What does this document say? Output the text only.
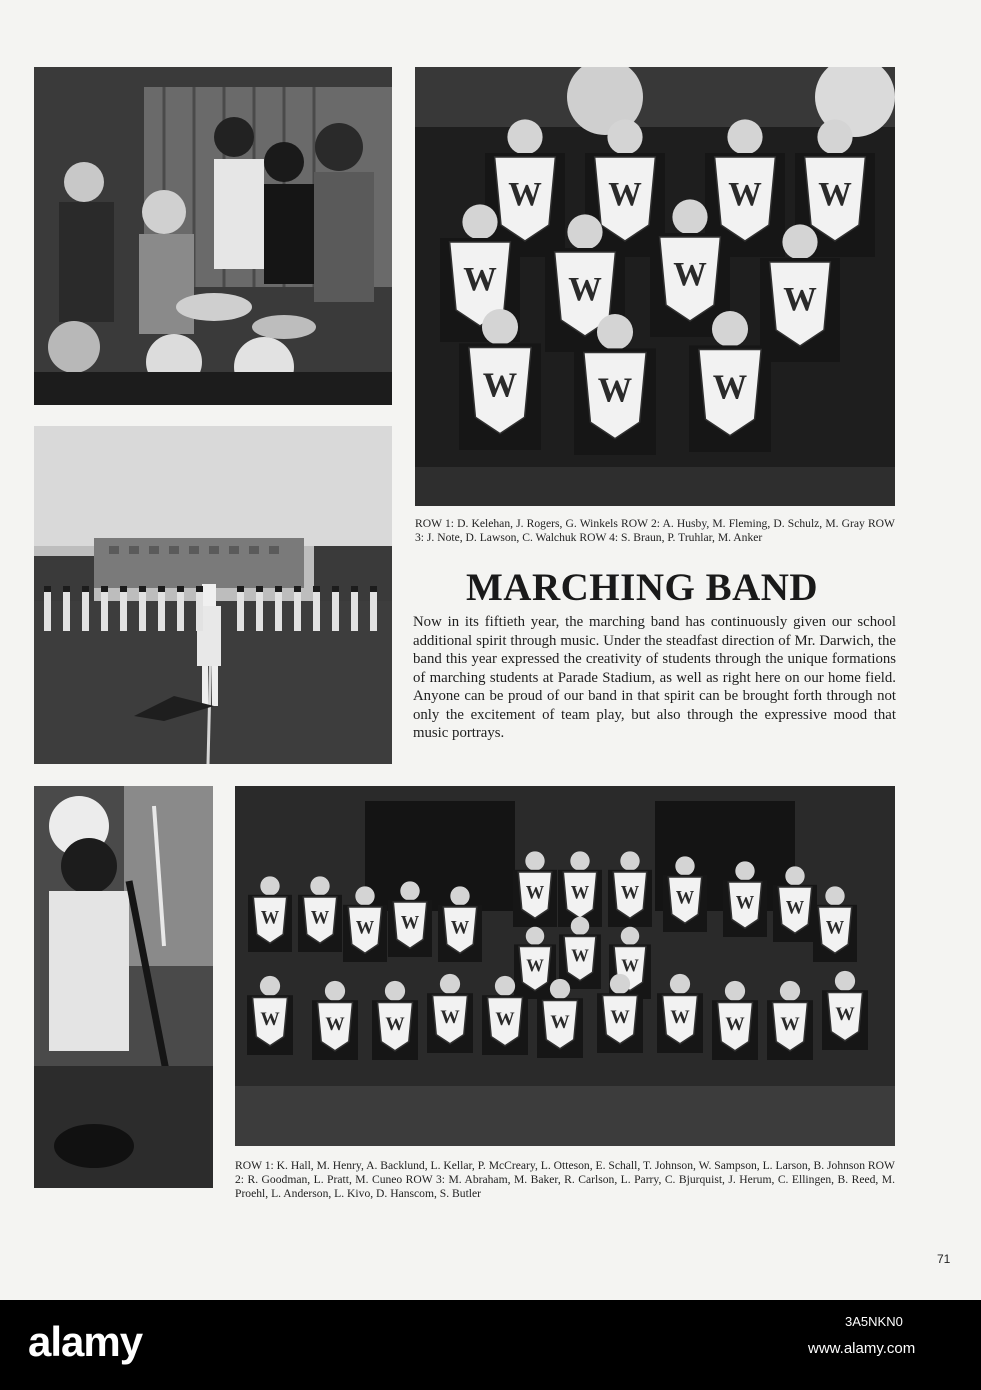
W W	W W
W W W
W
W W W
W W W W W W
W W W W W	W
W W W
W W W W W W W W W W W

ROW 1: D. Kelehan, J. Rogers, G. Winkels ROW 2: A. Husby, M. Fleming, D. Schulz, M. Gray ROW 3: J. Note, D. Lawson, C. Walchuk ROW 4: S. Braun, P. Truhlar, M. Anker

MARCHING BAND

Now in its fiftieth year, the marching band has continuously given our school additional spirit through music. Under the steadfast direction of Mr. Darwich, the band this year expressed the creativity of students through the unique formations of marching students at Parade Stadium, as well as right here on our home field. Anyone can be proud of our band in that spirit can be brought forth through not only the excitement of team play, but also through the expressive mood that music portrays.

ROW 1: K. Hall, M. Henry, A. Backlund, L. Kellar, P. McCreary, L. Otteson, E. Schall, T. Johnson, W. Sampson, L. Larson, B. Johnson ROW 2: R. Goodman, L. Pratt, M. Cuneo ROW 3: M. Abraham, M. Baker, R. Carlson, L. Parry, C. Bjurquist, J. Herum, C. Ellingen, B. Reed, M. Proehl, L. Anderson, L. Kivo, D. Hanscom, S. Butler

71
alamy	3A5NKN0
www.alamy.com
